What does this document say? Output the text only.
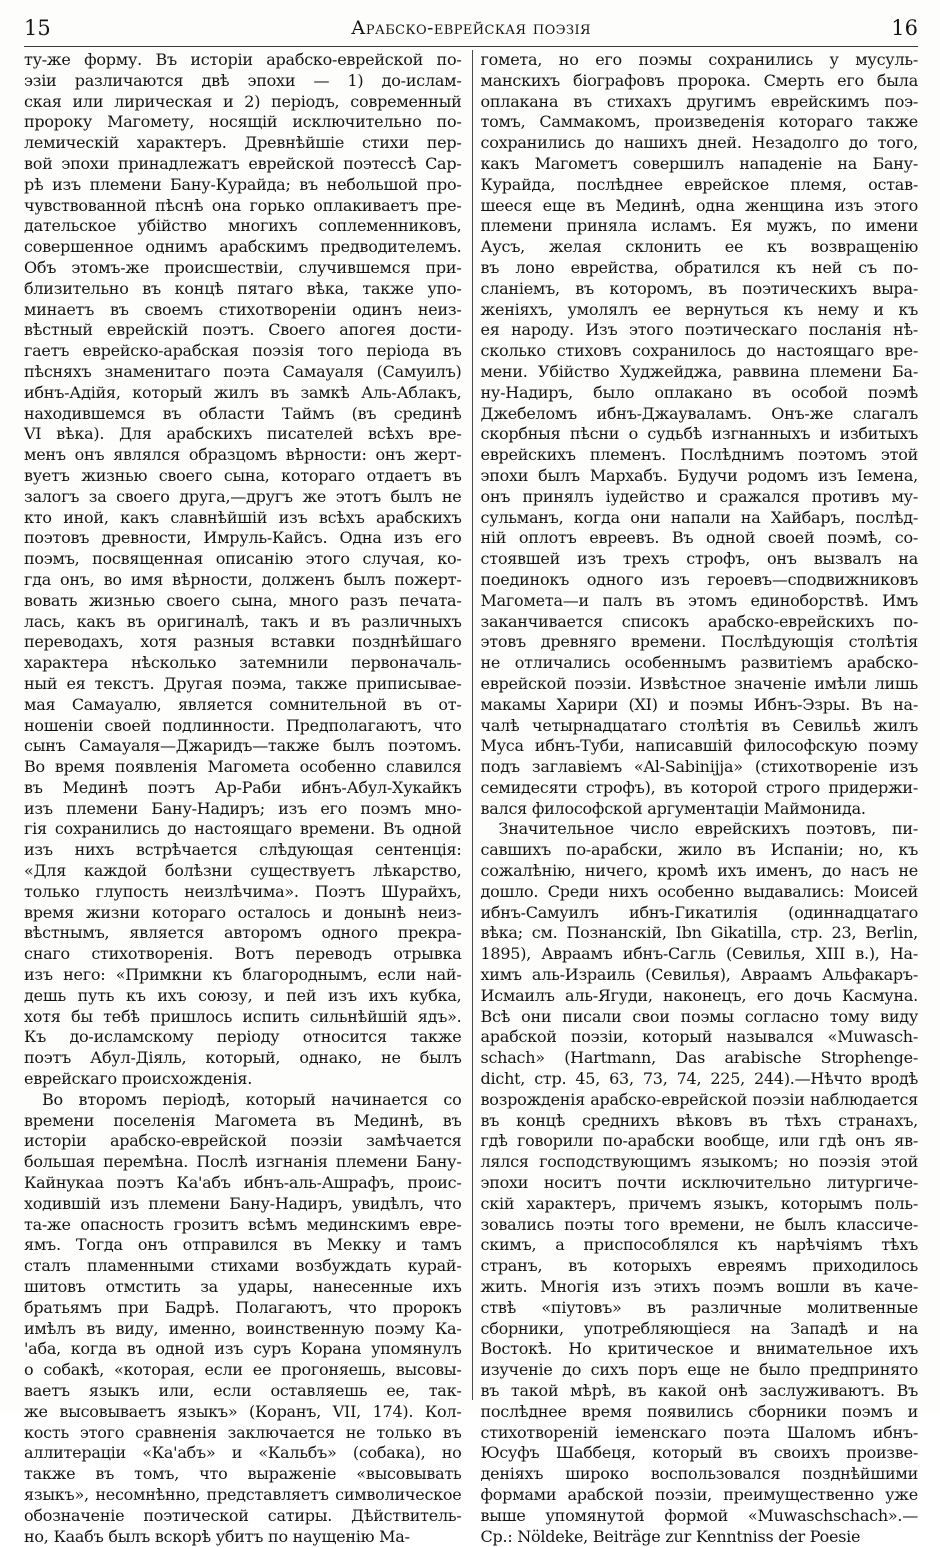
15	Арабско-еврейская поэзія	16
ту-же форму. Въ исторіи арабско-еврейской по-
эзіи различаются двѣ эпохи — 1) до-ислам-
ская или лирическая и 2) періодъ, современный
пророку Магомету, носящій исключительно по-
лемическій характеръ. Древнѣйшіе стихи пер-
вой эпохи принадлежатъ еврейской поэтессѣ Сар-
рѣ изъ племени Бану-Курайда; въ небольшой про-
чувствованной пѣснѣ она горько оплакиваетъ пре-
дательское убійство многихъ соплеменниковъ,
совершенное однимъ арабскимъ предводителемъ.
Объ этомъ-же происшествіи, случившемся при-
близительно въ концѣ пятаго вѣка, также упо-
минаетъ въ своемъ стихотвореніи одинъ неиз-
вѣстный еврейскій поэтъ. Своего апогея дости-
гаетъ еврейско-арабская поэзія того періода въ
пѣсняхъ знаменитаго поэта Самауаля (Самуилъ)
ибнъ-Адійя, который жилъ въ замкѣ Аль-Аблакъ,
находившемся въ области Таймъ (въ срединѣ
VI вѣка). Для арабскихъ писателей всѣхъ вре-
менъ онъ являлся образцомъ вѣрности: онъ жерт-
вуетъ жизнью своего сына, котораго отдаетъ въ
залогъ за своего друга,—другъ же этотъ былъ не
кто иной, какъ славнѣйшій изъ всѣхъ арабскихъ
поэтовъ древности, Имруль-Кайсъ. Одна изъ его
поэмъ, посвященная описанію этого случая, ко-
гда онъ, во имя вѣрности, долженъ былъ пожерт-
вовать жизнью своего сына, много разъ печата-
лась, какъ въ оригиналѣ, такъ и въ различныхъ
переводахъ, хотя разныя вставки позднѣйшаго
характера нѣсколько затемнили первоначаль-
ный ея текстъ. Другая поэма, также приписывае-
мая Самауалю, является сомнительной въ от-
ношеніи своей подлинности. Предполагаютъ, что
сынъ Самауаля—Джаридъ—также былъ поэтомъ.
Во время появленія Магомета особенно славился
въ Мединѣ поэтъ Ар-Раби ибнъ-Абул-Хукайкъ
изъ племени Бану-Надиръ; изъ его поэмъ мно-
гія сохранились до настоящаго времени. Въ одной
изъ нихъ встрѣчается слѣдующая сентенція:
«Для каждой болѣзни существуетъ лѣкарство,
только глупость неизлѣчима». Поэтъ Шурайхъ,
время жизни котораго осталось и донынѣ неиз-
вѣстнымъ, является авторомъ одного прекра-
снаго стихотворенія. Вотъ переводъ отрывка
изъ него: «Примкни къ благороднымъ, если най-
дешь путь къ ихъ союзу, и пей изъ ихъ кубка,
хотя бы тебѣ пришлось испить сильнѣйшій ядъ».
Къ до-исламскому періоду относится также
поэтъ Абул-Діяль, который, однако, не былъ
еврейскаго происхожденія.
Во второмъ періодѣ, который начинается со
времени поселенія Магомета въ Мединѣ, въ
исторіи арабско-еврейской поэзіи замѣчается
большая перемѣна. Послѣ изгнанія племени Бану-
Кайнукаа поэтъ Ка'абъ ибнъ-аль-Ашрафъ, проис-
ходившій изъ племени Бану-Надиръ, увидѣлъ, что
та-же опасность грозитъ всѣмъ мединскимъ евре-
ямъ. Тогда онъ отправился въ Мекку и тамъ
сталъ пламенными стихами возбуждать курай-
шитовъ отмстить за удары, нанесенные ихъ
братьямъ при Бадрѣ. Полагаютъ, что пророкъ
имѣлъ въ виду, именно, воинственную поэму Ка-
'аба, когда въ одной изъ суръ Корана упомянулъ
о собакѣ, «которая, если ее прогоняешь, высовы-
ваетъ языкъ или, если оставляешь ее, так-
же высовываетъ языкъ» (Коранъ, VII, 174). Кол-
кость этого сравненія заключается не только въ
аллитераціи «Ка'абъ» и «Кальбъ» (собака), но
также въ томъ, что выраженіе «высовывать
языкъ», несомнѣнно, представляетъ символическое
обозначеніе поэтической сатиры. Дѣйствитель-
но, Каабъ былъ вскорѣ убитъ по наущенію Ма-
гомета, но его поэмы сохранились у мусуль-
манскихъ біографовъ пророка. Смерть его была
оплакана въ стихахъ другимъ еврейскимъ поэ-
томъ, Саммакомъ, произведенія котораго также
сохранились до нашихъ дней. Незадолго до того,
какъ Магометъ совершилъ нападеніе на Бану-
Курайда, послѣднее еврейское племя, остав-
шееся еще въ Мединѣ, одна женщина изъ этого
племени приняла исламъ. Ея мужъ, по имени
Аусъ, желая склонить ее къ возвращенію
въ лоно еврейства, обратился къ ней съ по-
сланіемъ, въ которомъ, въ поэтическихъ выра-
женіяхъ, умолялъ ее вернуться къ нему и къ
ея народу. Изъ этого поэтическаго посланія нѣ-
сколько стиховъ сохранилось до настоящаго вре-
мени. Убійство Худжейджа, раввина племени Ба-
ну-Надиръ, было оплакано въ особой поэмѣ
Джебеломъ ибнъ-Джауваламъ. Онъ-же слагалъ
скорбныя пѣсни о судьбѣ изгнанныхъ и избитыхъ
еврейскихъ племенъ. Послѣднимъ поэтомъ этой
эпохи былъ Мархабъ. Будучи родомъ изъ Іемена,
онъ принялъ іудейство и сражался противъ му-
сульманъ, когда они напали на Хайбаръ, послѣд-
ній оплотъ евреевъ. Въ одной своей поэмѣ, со-
стоявшей изъ трехъ строфъ, онъ вызвалъ на
поединокъ одного изъ героевъ—сподвижниковъ
Магомета—и палъ въ этомъ единоборствѣ. Имъ
заканчивается списокъ арабско-еврейскихъ по-
этовъ древняго времени. Послѣдующія столѣтія
не отличались особеннымъ развитіемъ арабско-
еврейской поэзіи. Извѣстное значеніе имѣли лишь
макамы Харири (XI) и поэмы Ибнъ-Эзры. Въ на-
чалѣ четырнадцатаго столѣтія въ Севильѣ жилъ
Муса ибнъ-Туби, написавшій философскую поэму
подъ заглавіемъ «Al-Sabinijja» (стихотвореніе изъ
семидесяти строфъ), въ которой строго придержи-
вался философской аргументаціи Маймонида.
Значительное число еврейскихъ поэтовъ, пи-
савшихъ по-арабски, жило въ Испаніи; но, къ
сожалѣнію, ничего, кромѣ ихъ именъ, до насъ не
дошло. Среди нихъ особенно выдавались: Моисей
ибнъ-Самуилъ ибнъ-Гикатилія (одиннадцатаго
вѣка; см. Познанскій, Ibn Gikatilla, стр. 23, Berlin,
1895), Авраамъ ибнъ-Сагль (Севилья, XIII в.), На-
химъ аль-Израиль (Севилья), Авраамъ Альфакаръ-
Исмаилъ аль-Ягуди, наконецъ, его дочь Касмуна.
Всѣ они писали свои поэмы согласно тому виду
арабской поэзіи, который назывался «Muwasch-
schach» (Hartmann, Das arabische Strophenge-
dicht, стр. 45, 63, 73, 74, 225, 244).—Нѣчто вродѣ
возрожденія арабско-еврейской поэзіи наблюдается
въ концѣ среднихъ вѣковъ въ тѣхъ странахъ,
гдѣ говорили по-арабски вообще, или гдѣ онъ яв-
лялся господствующимъ языкомъ; но поэзія этой
эпохи носитъ почти исключительно литургиче-
скій характеръ, причемъ языкъ, которымъ поль-
зовались поэты того времени, не былъ классиче-
скимъ, а приспособлялся къ нарѣчіямъ тѣхъ
странъ, въ которыхъ евреямъ приходилось
жить. Многія изъ этихъ поэмъ вошли въ каче-
ствѣ «піутовъ» въ различные молитвенные
сборники, употребляющіеся на Западѣ и на
Востокѣ. Но критическое и внимательное ихъ
изученіе до сихъ поръ еще не было предпринято
въ такой мѣрѣ, въ какой онѣ заслуживаютъ. Въ
послѣднее время появились сборники поэмъ и
стихотвореній іеменскаго поэта Шаломъ ибнъ-
Юсуфъ Шаббеця, который въ своихъ произве-
деніяхъ широко воспользовался позднѣйшими
формами арабской поэзіи, преимущественно уже
выше упомянутой формой «Muwaschschach».—
Cp.: Nöldeke, Beiträge zur Kenntniss der Poesie
